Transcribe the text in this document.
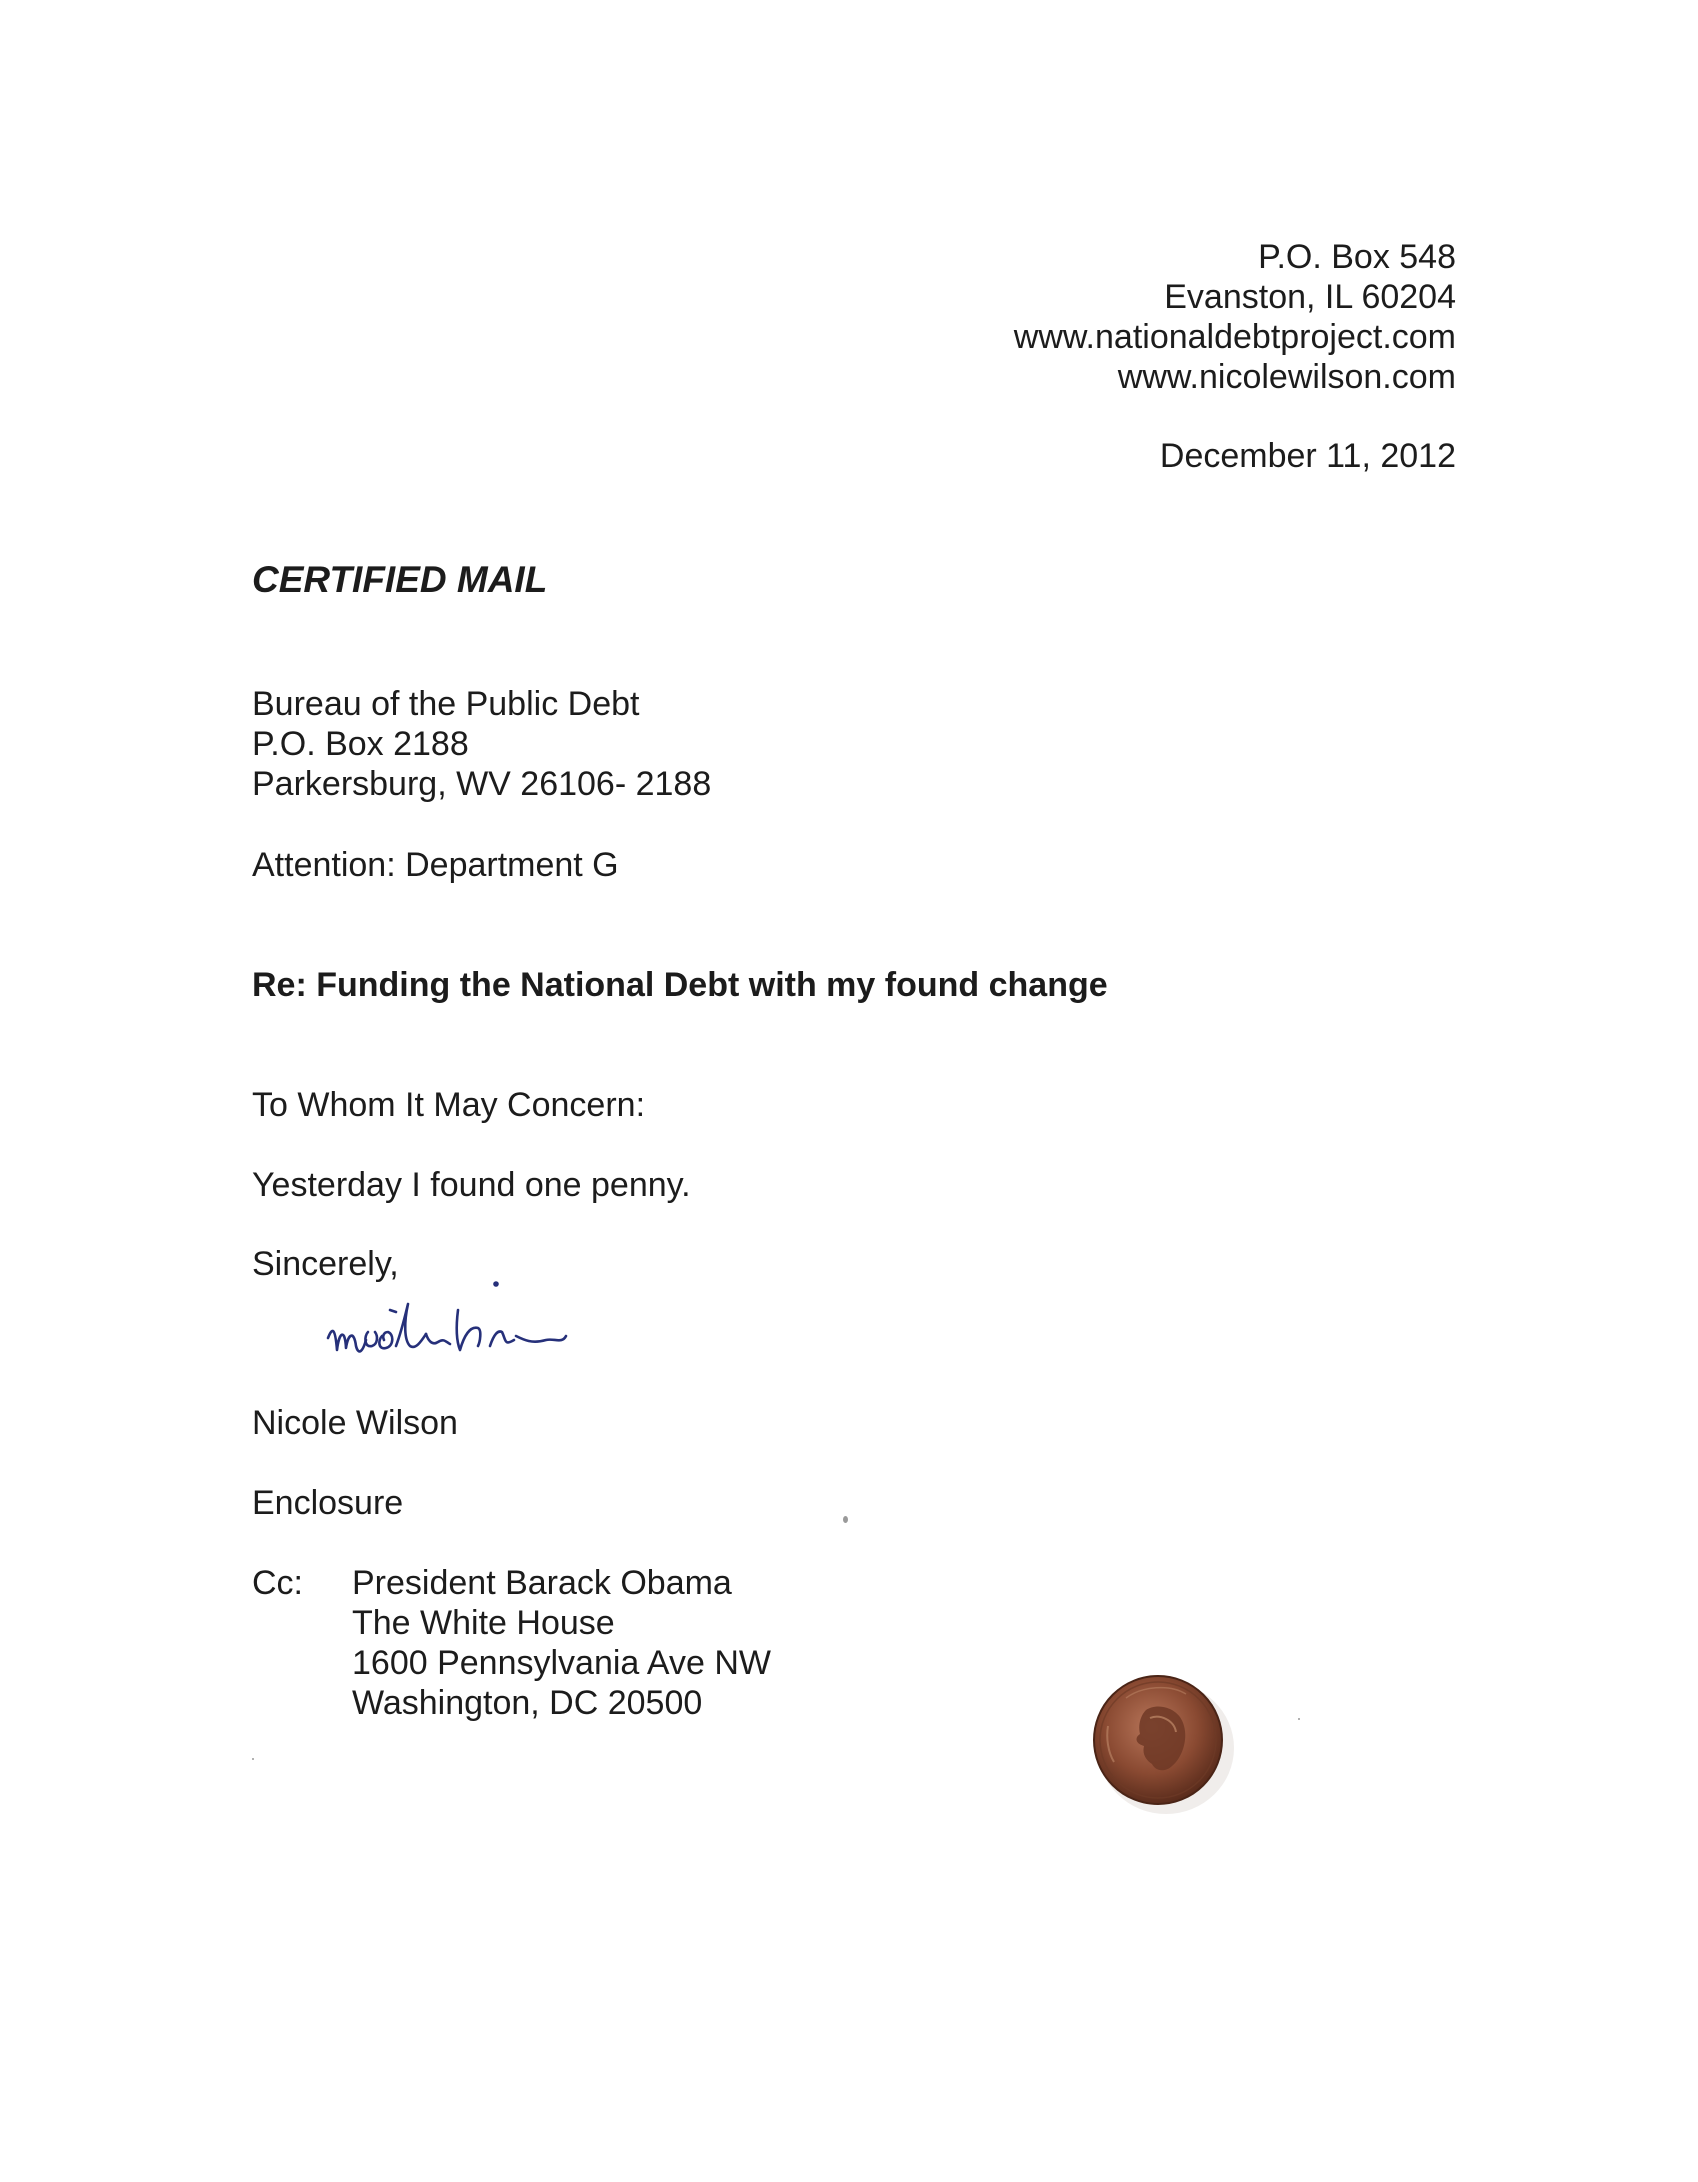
P.O. Box 548
Evanston, IL 60204
www.nationaldebtproject.com
www.nicolewilson.com
December 11, 2012
CERTIFIED MAIL
Bureau of the Public Debt
P.O. Box 2188
Parkersburg, WV 26106- 2188
Attention: Department G
Re: Funding the National Debt with my found change
To Whom It May Concern:
Yesterday I found one penny.
Sincerely,
Nicole Wilson
Enclosure
Cc: President Barack Obama
The White House
1600 Pennsylvania Ave NW
Washington, DC 20500
